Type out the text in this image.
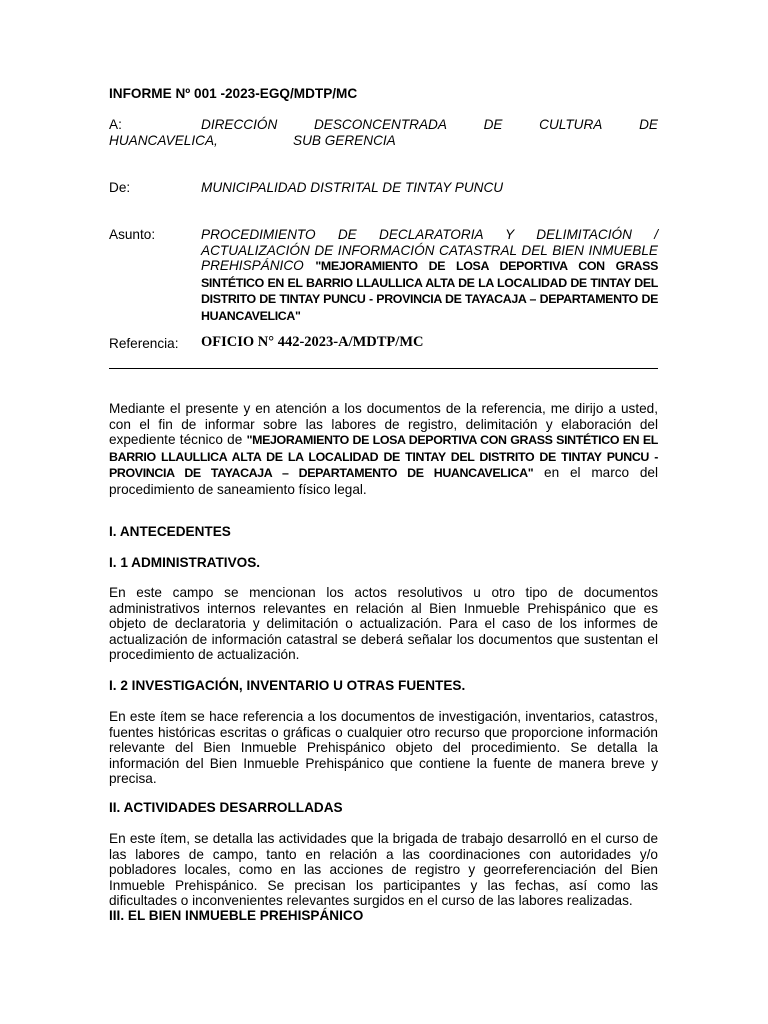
INFORME Nº 001 -2023-EGQ/MDTP/MC
A:	DIRECCIÓN	DESCONCENTRADA	DE	CULTURA	DE
HUANCAVELICA,	SUB GERENCIA
De:	MUNICIPALIDAD DISTRITAL DE TINTAY PUNCU
Asunto:	PROCEDIMIENTO DE DECLARATORIA Y DELIMITACIÓN / ACTUALIZACIÓN DE INFORMACIÓN CATASTRAL DEL BIEN INMUEBLE PREHISPÁNICO "MEJORAMIENTO DE LOSA DEPORTIVA CON GRASS SINTÉTICO EN EL BARRIO LLAULLICA ALTA DE LA LOCALIDAD DE TINTAY DEL DISTRITO DE TINTAY PUNCU - PROVINCIA DE TAYACAJA – DEPARTAMENTO DE HUANCAVELICA"
Referencia: OFICIO N° 442-2023-A/MDTP/MC

Mediante el presente y en atención a los documentos de la referencia, me dirijo a usted, con el fin de informar sobre las labores de registro, delimitación y elaboración del expediente técnico de "MEJORAMIENTO DE LOSA DEPORTIVA CON GRASS SINTÉTICO EN EL BARRIO LLAULLICA ALTA DE LA LOCALIDAD DE TINTAY DEL DISTRITO DE TINTAY PUNCU - PROVINCIA DE TAYACAJA – DEPARTAMENTO DE HUANCAVELICA" en el marco del procedimiento de saneamiento físico legal.

I. ANTECEDENTES
I. 1 ADMINISTRATIVOS.

En este campo se mencionan los actos resolutivos u otro tipo de documentos administrativos internos relevantes en relación al Bien Inmueble Prehispánico que es objeto de declaratoria y delimitación o actualización. Para el caso de los informes de actualización de información catastral se deberá señalar los documentos que sustentan el procedimiento de actualización.

I. 2 INVESTIGACIÓN, INVENTARIO U OTRAS FUENTES.

En este ítem se hace referencia a los documentos de investigación, inventarios, catastros, fuentes históricas escritas o gráficas o cualquier otro recurso que proporcione información relevante del Bien Inmueble Prehispánico objeto del procedimiento. Se detalla la información del Bien Inmueble Prehispánico que contiene la fuente de manera breve y precisa.

II. ACTIVIDADES DESARROLLADAS

En este ítem, se detalla las actividades que la brigada de trabajo desarrolló en el curso de las labores de campo, tanto en relación a las coordinaciones con autoridades y/o pobladores locales, como en las acciones de registro y georreferenciación del Bien Inmueble Prehispánico. Se precisan los participantes y las fechas, así como las dificultades o inconvenientes relevantes surgidos en el curso de las labores realizadas.

III. EL BIEN INMUEBLE PREHISPÁNICO
